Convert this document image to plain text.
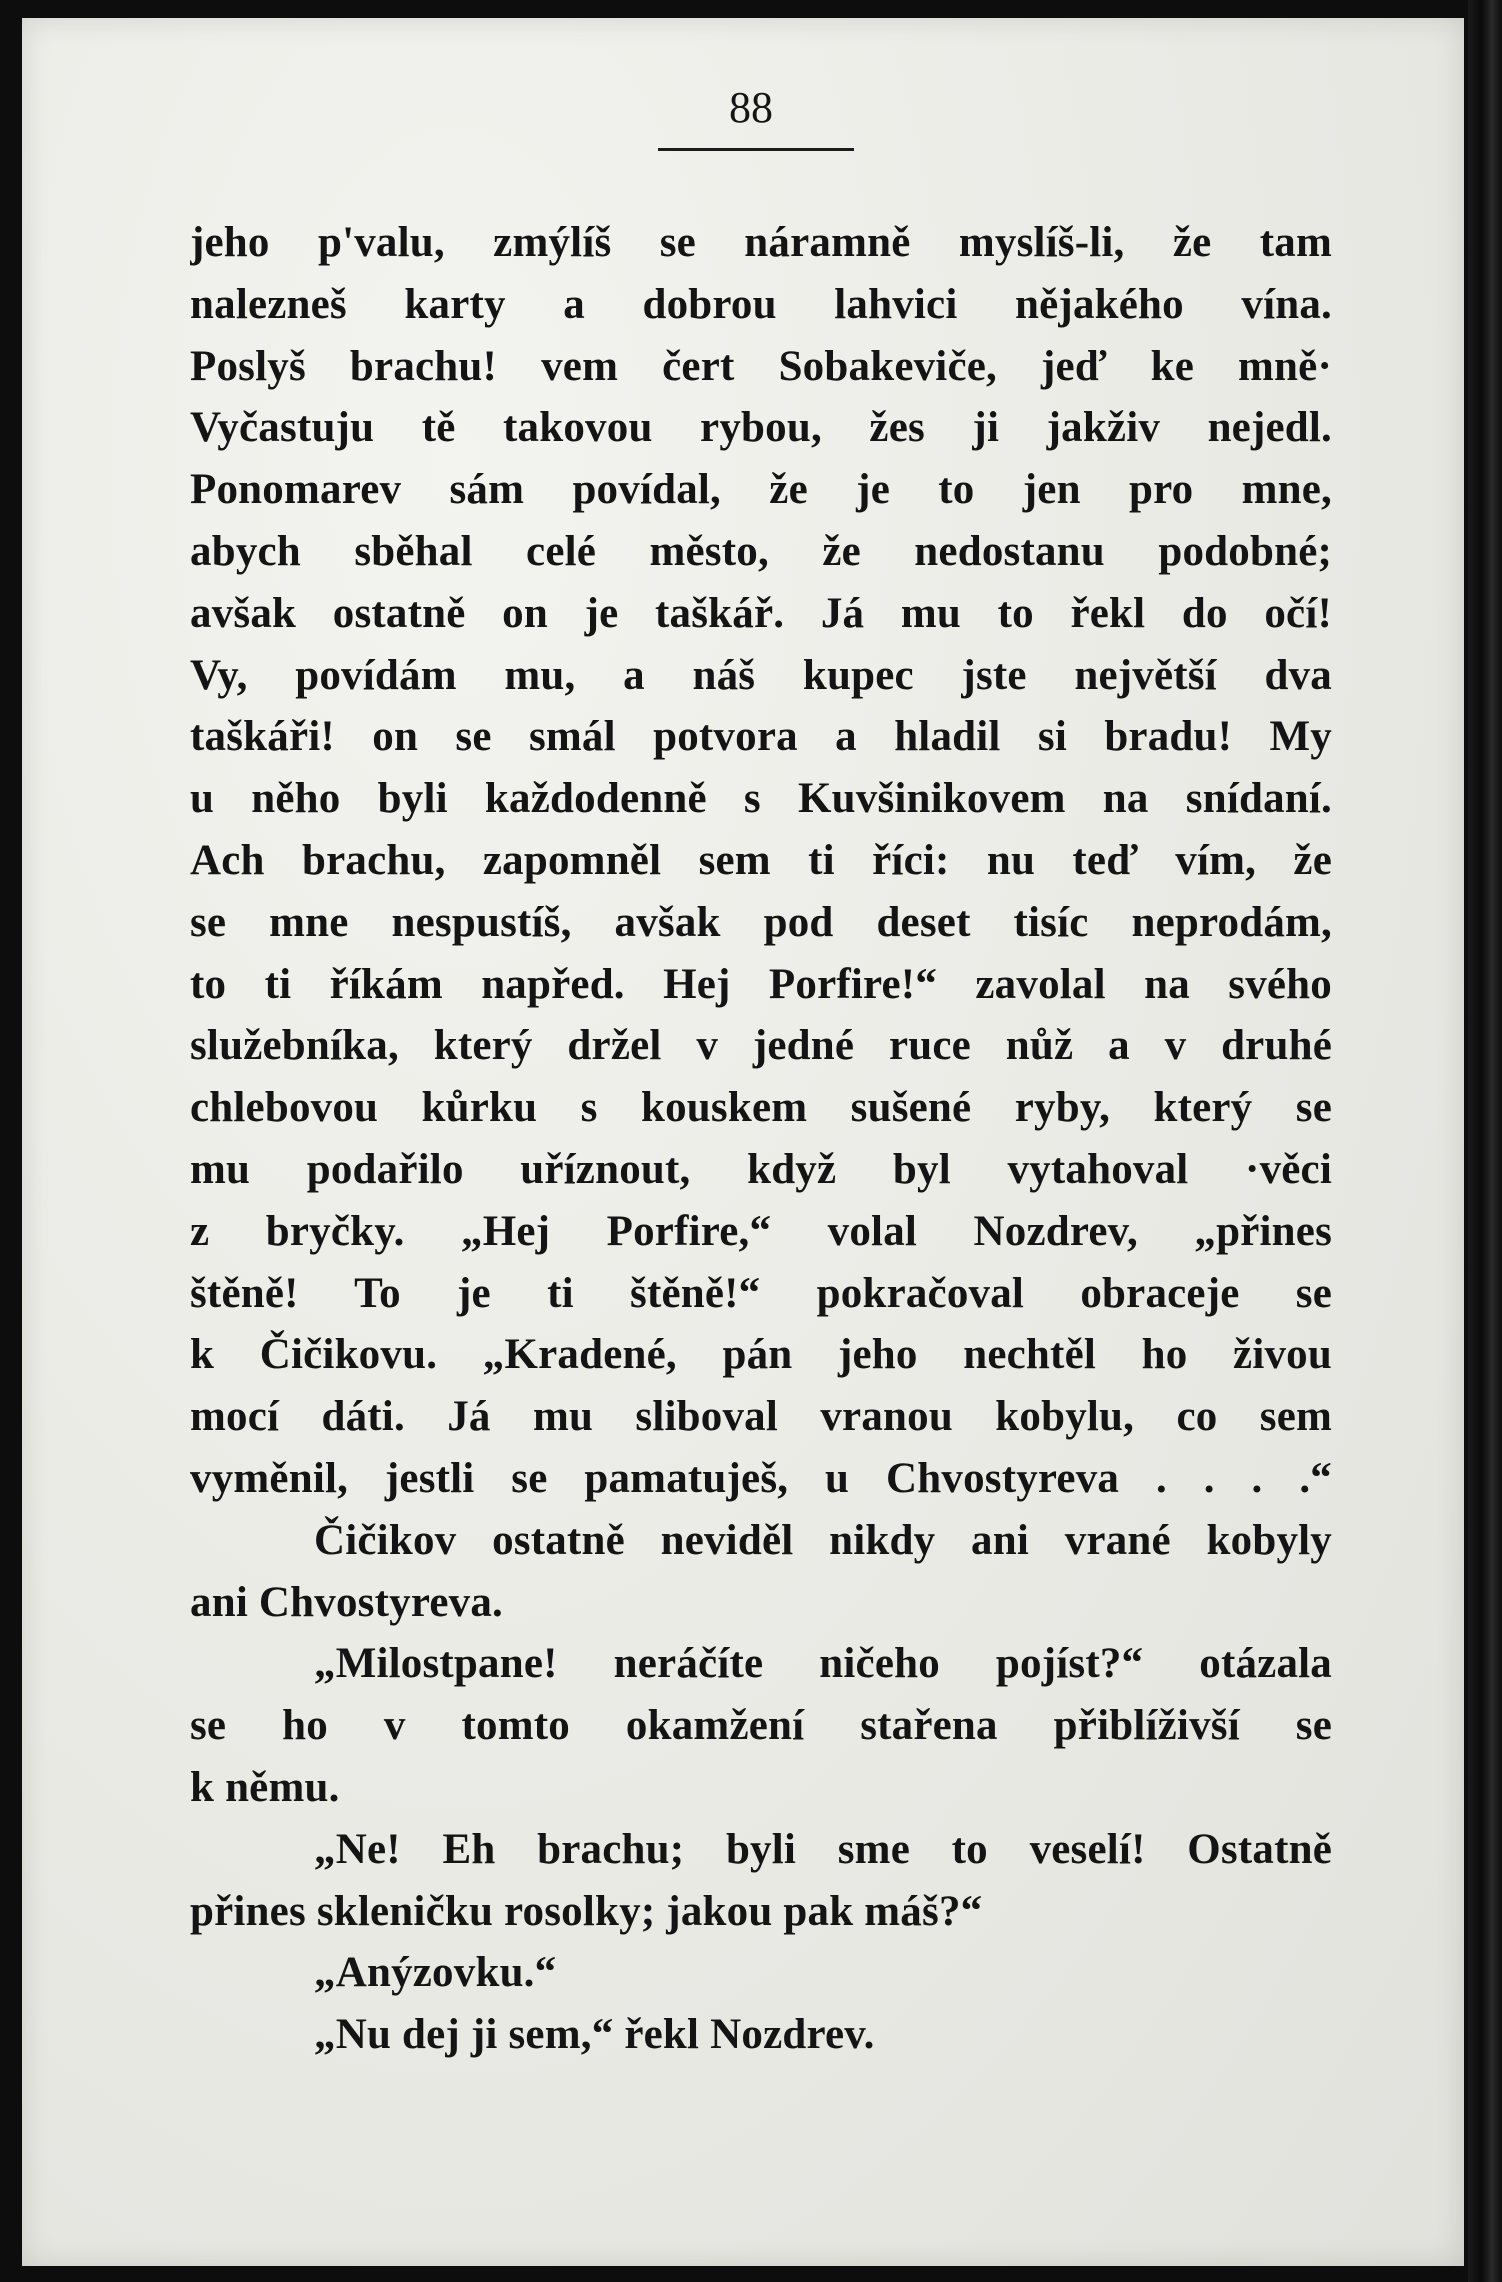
88
jeho p'valu, zmýlíš se náramně myslíš-li, že tam
nalezneš karty a dobrou lahvici nějakého vína.
Poslyš brachu! vem čert Sobakeviče, jeď ke mně·
Vyčastuju tě takovou rybou, žes ji jakživ nejedl.
Ponomarev sám povídal, že je to jen pro mne,
abych sběhal celé město, že nedostanu podobné;
avšak ostatně on je taškář. Já mu to řekl do očí!
Vy, povídám mu, a náš kupec jste největší dva
taškáři! on se smál potvora a hladil si bradu! My
u něho byli každodenně s Kuvšinikovem na snídaní.
Ach brachu, zapomněl sem ti říci: nu teď vím, že
se mne nespustíš, avšak pod deset tisíc neprodám,
to ti říkám napřed. Hej Porfire!“ zavolal na svého
služebníka, který držel v jedné ruce nůž a v druhé
chlebovou kůrku s kouskem sušené ryby, který se
mu podařilo uříznout, když byl vytahoval ·věci
z bryčky. „Hej Porfire,“ volal Nozdrev, „přines
štěně! To je ti štěně!“ pokračoval obraceje se
k Čičikovu. „Kradené, pán jeho nechtěl ho živou
mocí dáti. Já mu sliboval vranou kobylu, co sem
vyměnil, jestli se pamatuješ, u Chvostyreva . . . .“
Čičikov ostatně neviděl nikdy ani vrané kobyly
ani Chvostyreva.
„Milostpane! neráčíte ničeho pojíst?“ otázala
se ho v tomto okamžení stařena přiblíživší se
k němu.
„Ne! Eh brachu; byli sme to veselí! Ostatně
přines skleničku rosolky; jakou pak máš?“
„Anýzovku.“
„Nu dej ji sem,“ řekl Nozdrev.
